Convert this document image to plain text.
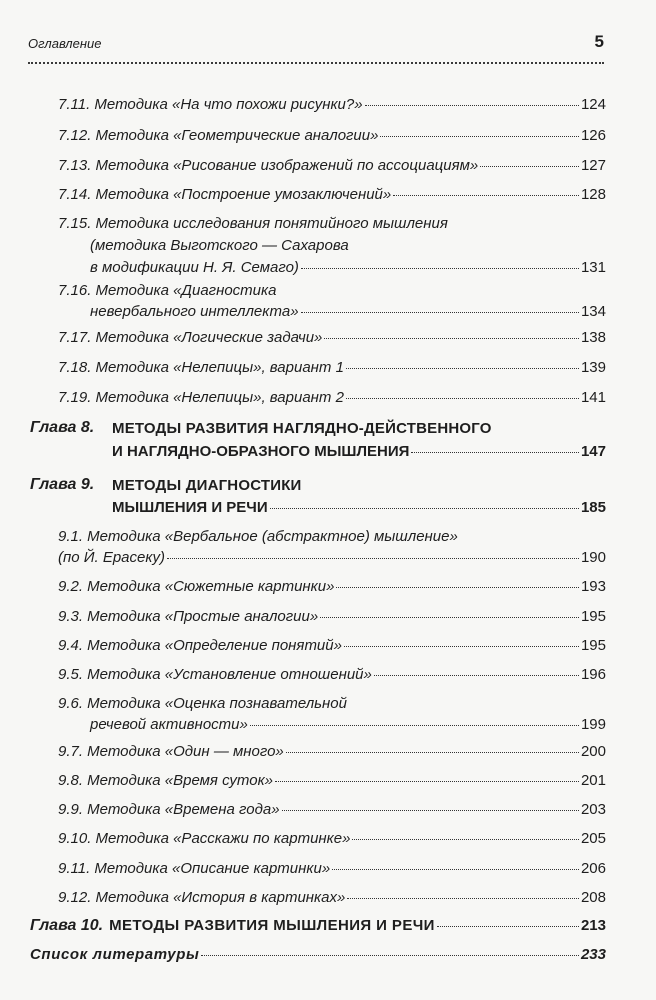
Оглавление	5
7.11. Методика «На что похожи рисунки?»	124
7.12. Методика «Геометрические аналогии»	126
7.13. Методика «Рисование изображений по ассоциациям»	127
7.14. Методика «Построение умозаключений»	128
7.15. Методика исследования понятийного мышления
(методика Выготского — Сахарова
в модификации Н. Я. Семаго)	131
7.16. Методика «Диагностика
невербального интеллекта»	134
7.17. Методика «Логические задачи»	138
7.18. Методика «Нелепицы», вариант 1	139
7.19. Методика «Нелепицы», вариант 2	141
Глава 8. МЕТОДЫ РАЗВИТИЯ НАГЛЯДНО-ДЕЙСТВЕННОГО
И НАГЛЯДНО-ОБРАЗНОГО МЫШЛЕНИЯ	147
Глава 9. МЕТОДЫ ДИАГНОСТИКИ
МЫШЛЕНИЯ И РЕЧИ	185
9.1. Методика «Вербальное (абстрактное) мышление»
(по Й. Ерасеку)	190
9.2. Методика «Сюжетные картинки»	193
9.3. Методика «Простые аналогии»	195
9.4. Методика «Определение понятий»	195
9.5. Методика «Установление отношений»	196
9.6. Методика «Оценка познавательной
речевой активности»	199
9.7. Методика «Один — много»	200
9.8. Методика «Время суток»	201
9.9. Методика «Времена года»	203
9.10. Методика «Расскажи по картинке»	205
9.11. Методика «Описание картинки»	206
9.12. Методика «История в картинках»	208
Глава 10. МЕТОДЫ РАЗВИТИЯ МЫШЛЕНИЯ И РЕЧИ	213
Список литературы	233
